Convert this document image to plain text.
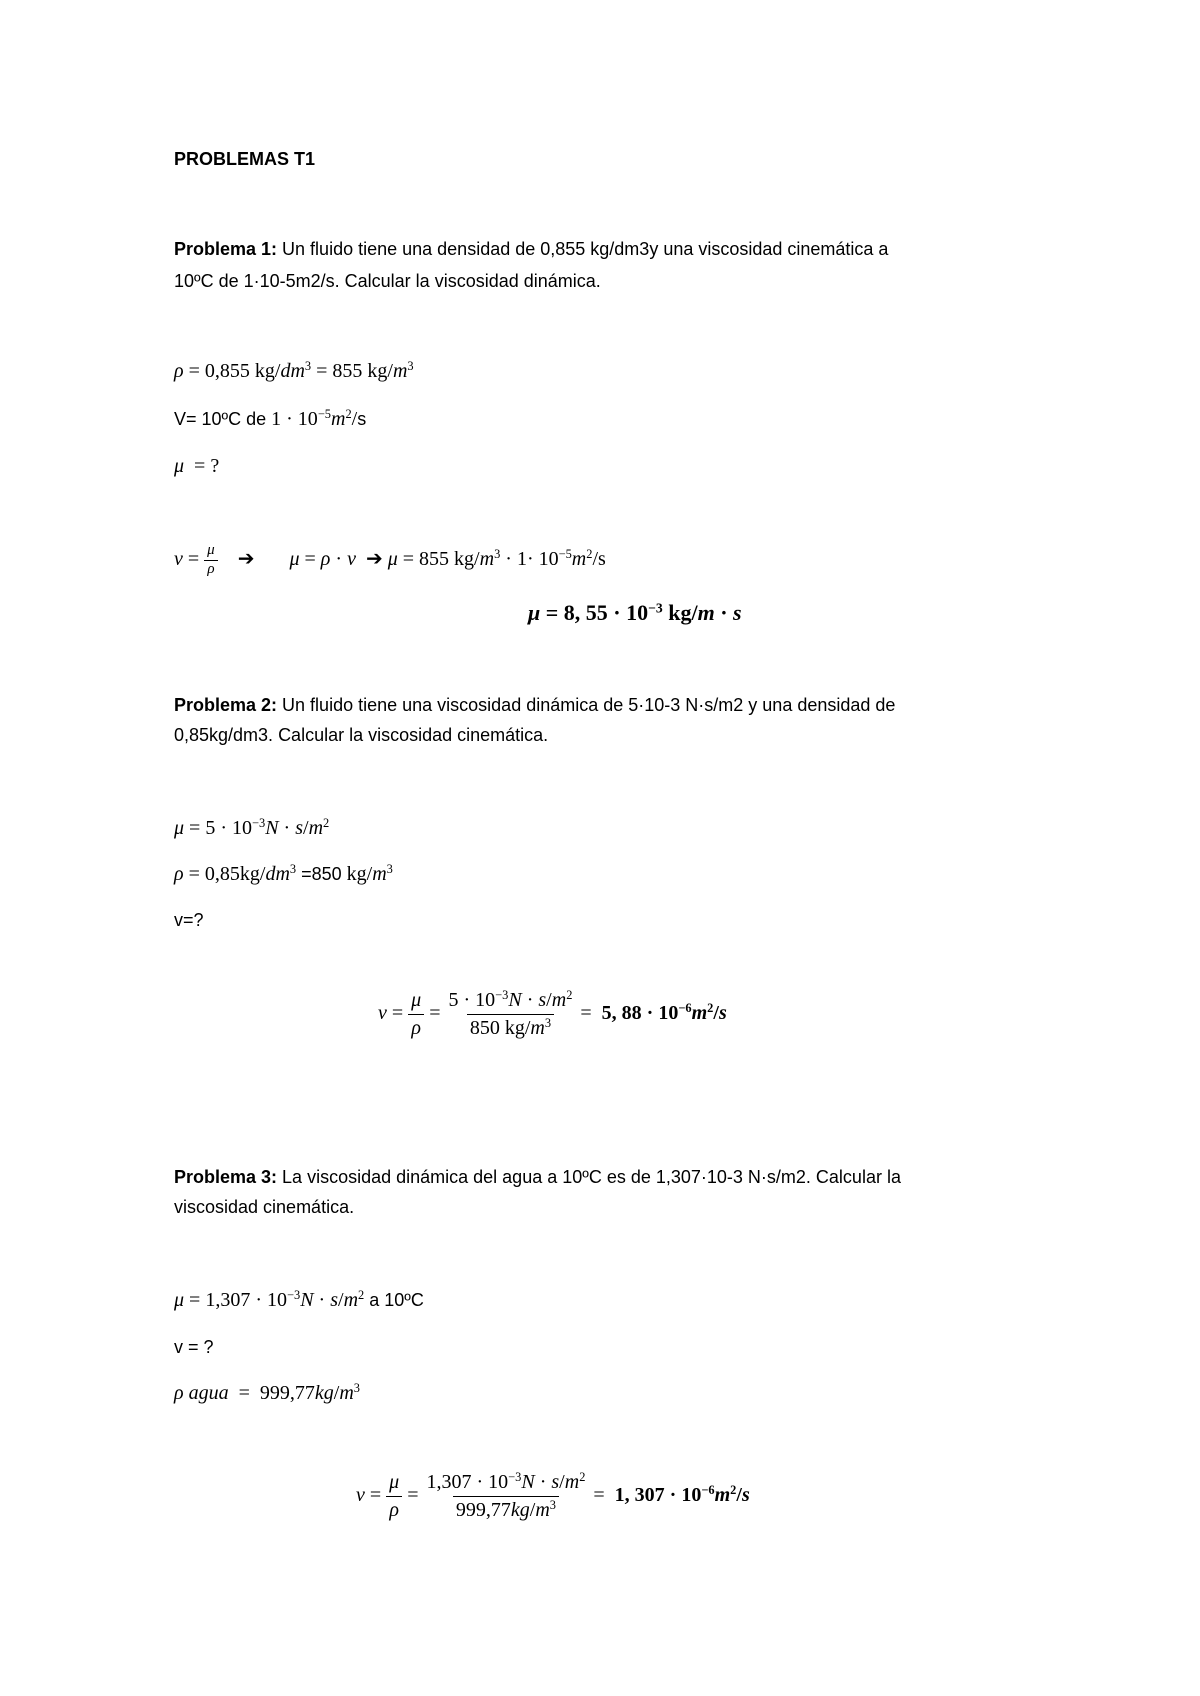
PROBLEMAS T1
Problema 1: Un fluido tiene una densidad de 0,855 kg/dm3y una viscosidad cinemática a
10ºC de 1·10-5m2/s. Calcular la viscosidad dinámica.
ρ = 0,855 $kg/dm^3 = 855$ $kg/m^3$
V= 10ºC de $1 \cdot 10^{-5}m^2/s$
μ  = ?
$v = \frac{\mu}{\rho}$ ➔ μ = ρ · v ➔ μ = 855 $kg/m^3 \cdot 1\cdot 10^{-5}m^2/s$
μ = 8, $55 \cdot 10^{-3}$ kg/m · s
Problema 2: Un fluido tiene una viscosidad dinámica de 5·10-3 N·s/m2 y una densidad de
0,85kg/dm3. Calcular la viscosidad cinemática.
$\mu = 5 \cdot 10^{-3}N \cdot s/m^2$
$\rho = 0,85kg/dm^3 =850$ $kg/m^3$
v=?
$v = \frac{\mu}{\rho} = \frac{5 \cdot 10^{-3}N \cdot s/m^2}{850 kg/m^3} = 5$, $88 \cdot 10^{-6}m^2/s$
Problema 3: La viscosidad dinámica del agua a 10ºC es de 1,307·10-3 N·s/m2. Calcular la
viscosidad cinemática.
$\mu = 1,307 \cdot 10^{-3}N \cdot s/m^2$ a 10ºC
v = ?
ρ agua  =  $999,77kg/m^3$
$v = \frac{\mu}{\rho} = \frac{1,307 \cdot 10^{-3}N \cdot s/m^2}{999,77kg/m^3} = 1$, $307 \cdot 10^{-6}m^2/s$
